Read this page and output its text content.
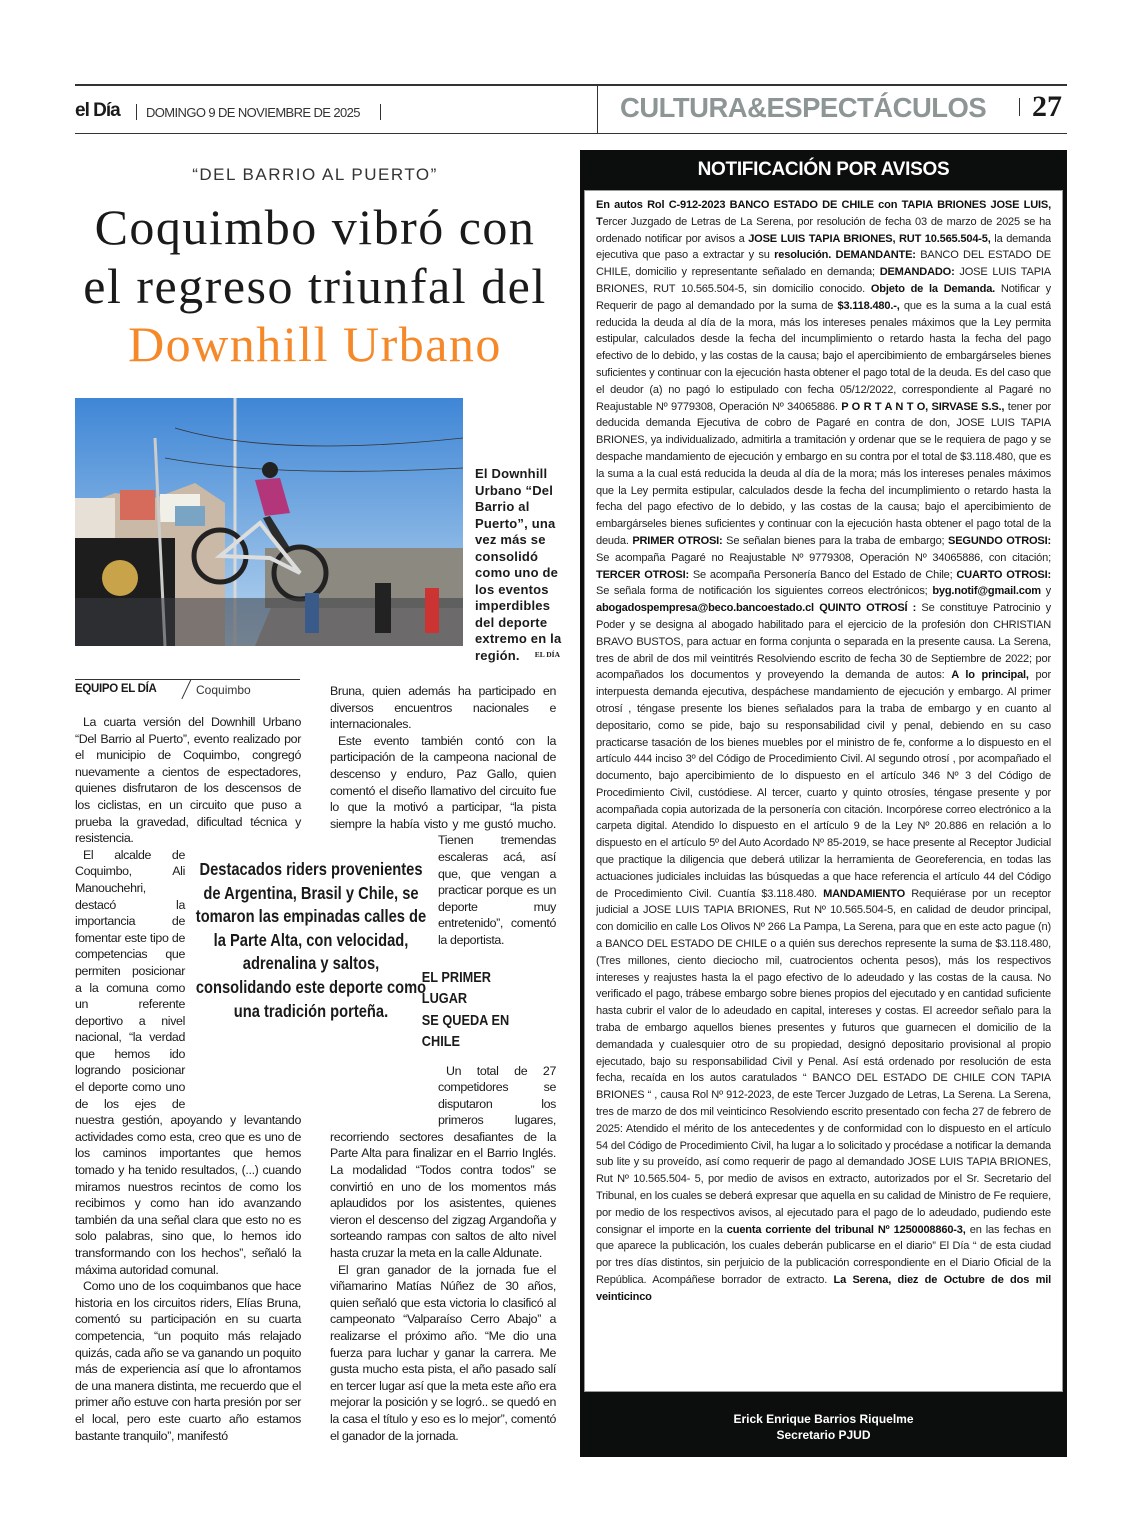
el Día DOMINGO 9 DE NOVIEMBRE DE 2025	CULTURA&ESPECTÁCULOS 27
“DEL BARRIO AL PUERTO”
Coquimbo vibró con
el regreso triunfal del
Downhill Urbano
El Downhill Urbano “Del Barrio al Puerto”, una vez más se consolidó como uno de los eventos imperdibles del deporte extremo en la región.	EL DÍA
EQUIPO EL DÍA	Coquimbo

La cuarta versión del Downhill Urbano “Del Barrio al Puerto”, evento realizado por el municipio de Coquimbo, congregó nuevamente a cientos de espectadores, quienes disfrutaron de los descensos de los ciclistas, en un circuito que puso a prueba la gravedad, dificultad técnica y resistencia.

El alcalde de Coquimbo, Ali Manouchehri, destacó la importancia de fomentar este tipo de competencias que permiten posicionar a la comuna como un referente deportivo a nivel nacional, “la verdad que hemos ido logrando posicionar el deporte como uno de los ejes de nuestra gestión, apoyando y levantando actividades como esta, creo que es uno de los caminos importantes que hemos tomado y ha tenido resultados, (...) cuando miramos nuestros recintos de como los recibimos y como han ido avanzando también da una señal clara que esto no es solo palabras, sino que, lo hemos ido transformando con los hechos”, señaló la máxima autoridad comunal.

Como uno de los coquimbanos que hace historia en los circuitos riders, Elías Bruna, comentó su participación en su cuarta competencia, “un poquito más relajado quizás, cada año se va ganando un poquito más de experiencia así que lo afrontamos de una manera distinta, me recuerdo que el primer año estuve con harta presión por ser el local, pero este cuarto año estamos bastante tranquilo”, manifestó

Bruna, quien además ha participado en diversos encuentros nacionales e internacionales.

Este evento también contó con la participación de la campeona nacional de descenso y enduro, Paz Gallo, quien comentó el diseño llamativo del circuito fue lo que la motivó a participar, “la pista siempre la había visto y me gustó mucho. Tienen tremendas escaleras acá, así que, que vengan a practicar porque es un deporte muy entretenido”, comentó la deportista.

EL PRIMER
LUGAR
SE QUEDA EN
CHILE

Un total de 27 competidores se disputaron los primeros lugares, recorriendo sectores desafiantes de la Parte Alta para finalizar en el Barrio Inglés. La modalidad “Todos contra todos” se convirtió en uno de los momentos más aplaudidos por los asistentes, quienes vieron el descenso del zigzag Argandoña y sorteando rampas con saltos de alto nivel hasta cruzar la meta en la calle Aldunate.

El gran ganador de la jornada fue el viñamarino Matías Núñez de 30 años, quien señaló que esta victoria lo clasificó al campeonato “Valparaíso Cerro Abajo” a realizarse el próximo año. “Me dio una fuerza para luchar y ganar la carrera. Me gusta mucho esta pista, el año pasado salí en tercer lugar así que la meta este año era mejorar la posición y se logró.. se quedó en la casa el título y eso es lo mejor”, comentó el ganador de la jornada.

Destacados riders provenientes de Argentina, Brasil y Chile, se tomaron las empinadas calles de la Parte Alta, con velocidad, adrenalina y saltos, consolidando este deporte como una tradición porteña.
NOTIFICACIÓN POR AVISOS
En autos Rol C-912-2023 BANCO ESTADO DE CHILE con TAPIA BRIONES JOSE LUIS, Tercer Juzgado de Letras de La Serena, por resolución de fecha 03 de marzo de 2025 se ha ordenado notificar por avisos a JOSE LUIS TAPIA BRIONES, RUT 10.565.504-5, la demanda ejecutiva que paso a extractar y su resolución. DEMANDANTE: BANCO DEL ESTADO DE CHILE, domicilio y representante señalado en demanda; DEMANDADO: JOSE LUIS TAPIA BRIONES, RUT 10.565.504-5, sin domicilio conocido. Objeto de la Demanda. Notificar y Requerir de pago al demandado por la suma de $3.118.480.-, que es la suma a la cual está reducida la deuda al día de la mora, más los intereses penales máximos que la Ley permita estipular, calculados desde la fecha del incumplimiento o retardo hasta la fecha del pago efectivo de lo debido, y las costas de la causa; bajo el apercibimiento de embargárseles bienes suficientes y continuar con la ejecución hasta obtener el pago total de la deuda. Es del caso que el deudor (a) no pagó lo estipulado con fecha 05/12/2022, correspondiente al Pagaré no Reajustable Nº 9779308, Operación Nº 34065886. P O R T A N T O, SIRVASE S.S., tener por deducida demanda Ejecutiva de cobro de Pagaré en contra de don, JOSE LUIS TAPIA BRIONES, ya individualizado, admitirla a tramitación y ordenar que se le requiera de pago y se despache mandamiento de ejecución y embargo en su contra por el total de $3.118.480, que es la suma a la cual está reducida la deuda al día de la mora; más los intereses penales máximos que la Ley permita estipular, calculados desde la fecha del incumplimiento o retardo hasta la fecha del pago efectivo de lo debido, y las costas de la causa; bajo el apercibimiento de embargárseles bienes suficientes y continuar con la ejecución hasta obtener el pago total de la deuda. PRIMER OTROSI: Se señalan bienes para la traba de embargo; SEGUNDO OTROSI: Se acompaña Pagaré no Reajustable Nº 9779308, Operación Nº 34065886, con citación; TERCER OTROSI: Se acompaña Personería Banco del Estado de Chile; CUARTO OTROSI: Se señala forma de notificación los siguientes correos electrónicos; byg.notif@gmail.com y abogadospempresa@beco.bancoestado.cl QUINTO OTROSÍ : Se constituye Patrocinio y Poder y se designa al abogado habilitado para el ejercicio de la profesión don CHRISTIAN BRAVO BUSTOS, para actuar en forma conjunta o separada en la presente causa. La Serena, tres de abril de dos mil veintitrés Resolviendo escrito de fecha 30 de Septiembre de 2022; por acompañados los documentos y proveyendo la demanda de autos: A lo principal, por interpuesta demanda ejecutiva, despáchese mandamiento de ejecución y embargo. Al primer otrosí , téngase presente los bienes señalados para la traba de embargo y en cuanto al depositario, como se pide, bajo su responsabilidad civil y penal, debiendo en su caso practicarse tasación de los bienes muebles por el ministro de fe, conforme a lo dispuesto en el artículo 444 inciso 3º del Código de Procedimiento Civil. Al segundo otrosí , por acompañado el documento, bajo apercibimiento de lo dispuesto en el artículo 346 Nº 3 del Código de Procedimiento Civil, custódiese. Al tercer, cuarto y quinto otrosíes, téngase presente y por acompañada copia autorizada de la personería con citación. Incorpórese correo electrónico a la carpeta digital. Atendido lo dispuesto en el artículo 9 de la Ley Nº 20.886 en relación a lo dispuesto en el artículo 5º del Auto Acordado Nº 85-2019, se hace presente al Receptor Judicial que practique la diligencia que deberá utilizar la herramienta de Georeferencia, en todas las actuaciones judiciales incluidas las búsquedas a que hace referencia el artículo 44 del Código de Procedimiento Civil. Cuantía $3.118.480. MANDAMIENTO Requiérase por un receptor judicial a JOSE LUIS TAPIA BRIONES, Rut Nº 10.565.504-5, en calidad de deudor principal, con domicilio en calle Los Olivos Nº 266 La Pampa, La Serena, para que en este acto pague (n) a BANCO DEL ESTADO DE CHILE o a quién sus derechos represente la suma de $3.118.480, (Tres millones, ciento dieciocho mil, cuatrocientos ochenta pesos), más los respectivos intereses y reajustes hasta la el pago efectivo de lo adeudado y las costas de la causa. No verificado el pago, trábese embargo sobre bienes propios del ejecutado y en cantidad suficiente hasta cubrir el valor de lo adeudado en capital, intereses y costas. El acreedor señalo para la traba de embargo aquellos bienes presentes y futuros que guarnecen el domicilio de la demandada y cualesquier otro de su propiedad, designó depositario provisional al propio ejecutado, bajo su responsabilidad Civil y Penal. Así está ordenado por resolución de esta fecha, recaída en los autos caratulados “ BANCO DEL ESTADO DE CHILE CON TAPIA BRIONES “ , causa Rol Nº 912-2023, de este Tercer Juzgado de Letras, La Serena. La Serena, tres de marzo de dos mil veinticinco Resolviendo escrito presentado con fecha 27 de febrero de 2025: Atendido el mérito de los antecedentes y de conformidad con lo dispuesto en el artículo 54 del Código de Procedimiento Civil, ha lugar a lo solicitado y procédase a notificar la demanda sub lite y su proveído, así como requerir de pago al demandado JOSE LUIS TAPIA BRIONES, Rut Nº 10.565.504- 5, por medio de avisos en extracto, autorizados por el Sr. Secretario del Tribunal, en los cuales se deberá expresar que aquella en su calidad de Ministro de Fe requiere, por medio de los respectivos avisos, al ejecutado para el pago de lo adeudado, pudiendo este consignar el importe en la cuenta corriente del tribunal Nº 1250008860-3, en las fechas en que aparece la publicación, los cuales deberán publicarse en el diario” El Día “ de esta ciudad por tres días distintos, sin perjuicio de la publicación correspondiente en el Diario Oficial de la República. Acompáñese borrador de extracto. La Serena, diez de Octubre de dos mil veinticinco
Erick Enrique Barrios Riquelme
Secretario PJUD
